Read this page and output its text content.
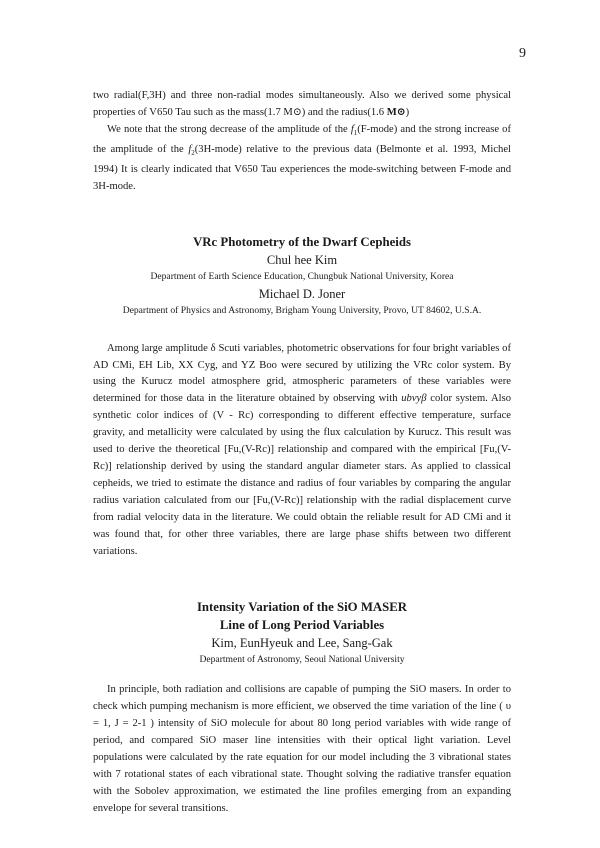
9

two radial(F,3H) and three non-radial modes simultaneously. Also we derived some physical properties of V650 Tau such as the mass(1.7 M⊙) and the radius(1.6 M⊙)

We note that the strong decrease of the amplitude of the $f_1(F-mode)$ and the strong increase of the amplitude of the $f_2(3H-mode)$ relative to the previous data (Belmonte et al. 1993, Michel 1994) It is clearly indicated that V650 Tau experiences the mode-switching between F-mode and 3H-mode.

VRc Photometry of the Dwarf Cepheids
Chul hee Kim
Department of Earth Science Education, Chungbuk National University, Korea
Michael D. Joner
Department of Physics and Astronomy, Brigham Young University, Provo, UT 84602, U.S.A.

Among large amplitude δ Scuti variables, photometric observations for four bright variables of AD CMi, EH Lib, XX Cyg, and YZ Boo were secured by utilizing the VRc color system. By using the Kurucz model atmosphere grid, atmospheric parameters of these variables were determined for those data in the literature obtained by observing with ubvyβ color system. Also synthetic color indices of (V - Rc) corresponding to different effective temperature, surface gravity, and metallicity were calculated by using the flux calculation by Kurucz. This result was used to derive the theoretical [Fu,(V-Rc)] relationship and compared with the empirical [Fu,(V-Rc)] relationship derived by using the standard angular diameter stars. As applied to classical cepheids, we tried to estimate the distance and radius of four variables by comparing the angular radius variation calculated from our [Fu,(V-Rc)] relationship with the radial displacement curve from radial velocity data in the literature. We could obtain the reliable result for AD CMi and it was found that, for other three variables, there are large phase shifts between two different variations.

Intensity Variation of the SiO MASER
Line of Long Period Variables
Kim, EunHyeuk and Lee, Sang-Gak
Department of Astronomy, Seoul National University

In principle, both radiation and collisions are capable of pumping the SiO masers. In order to check which pumping mechanism is more efficient, we observed the time variation of the line ( υ = 1, J = 2-1 ) intensity of SiO molecule for about 80 long period variables with wide range of period, and compared SiO maser line intensities with their optical light variation. Level populations were calculated by the rate equation for our model including the 3 vibrational states with 7 rotational states of each vibrational state. Thought solving the radiative transfer equation with the Sobolev approximation, we estimated the line profiles emerging from an expanding envelope for several transitions.
